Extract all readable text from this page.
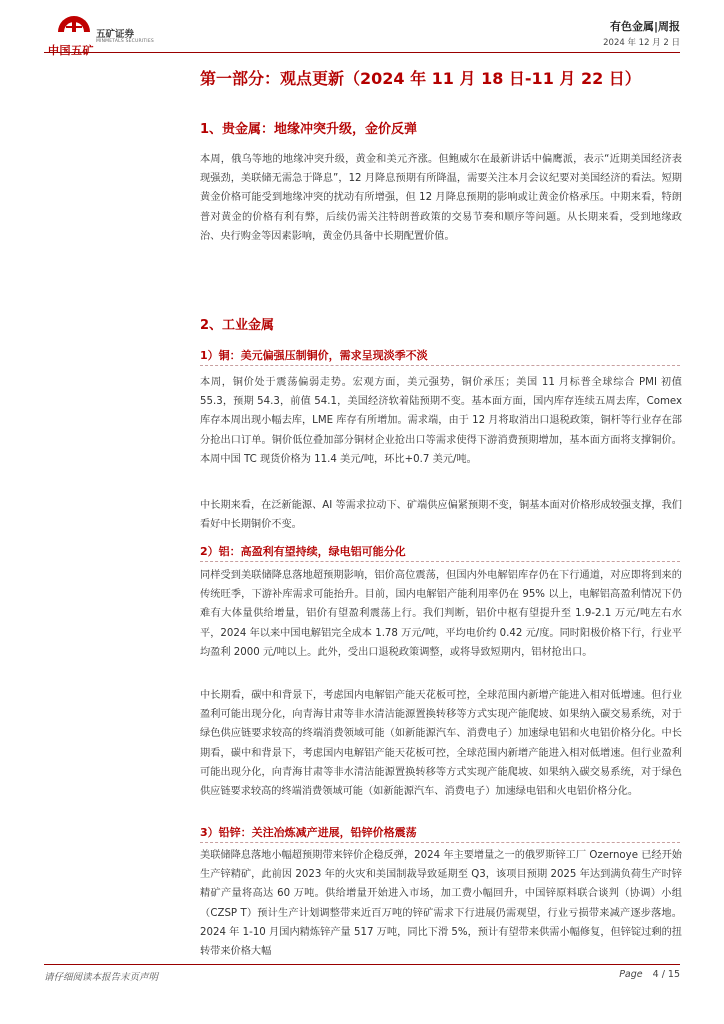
中国五矿
五矿证券
MINMETALS SECURITIES
有色金属|周报
2024 年 12 月 2 日
第一部分：观点更新（2024 年 11 月 18 日-11 月 22 日）
1、贵金属：地缘冲突升级，金价反弹

本周，俄乌等地的地缘冲突升级，黄金和美元齐涨。但鲍威尔在最新讲话中偏鹰派，表示“近期美国经济表现强劲，美联储无需急于降息”，12 月降息预期有所降温，需要关注本月会议纪要对美国经济的看法。短期黄金价格可能受到地缘冲突的扰动有所增强，但 12 月降息预期的影响或让黄金价格承压。中期来看，特朗普对黄金的价格有利有弊，后续仍需关注特朗普政策的交易节奏和顺序等问题。从长期来看，受到地缘政治、央行购金等因素影响，黄金仍具备中长期配置价值。

2、工业金属
1）铜：美元偏强压制铜价，需求呈现淡季不淡

本周，铜价处于震荡偏弱走势。宏观方面，美元强势，铜价承压；美国 11 月标普全球综合 PMI 初值 55.3，预期 54.3，前值 54.1，美国经济软着陆预期不变。基本面方面，国内库存连续五周去库，Comex 库存本周出现小幅去库，LME 库存有所增加。需求端，由于 12 月将取消出口退税政策，铜杆等行业存在部分抢出口订单。铜价低位叠加部分铜材企业抢出口等需求使得下游消费预期增加，基本面方面将支撑铜价。本周中国 TC 现货价格为 11.4 美元/吨，环比+0.7 美元/吨。

中长期来看，在泛新能源、AI 等需求拉动下、矿端供应偏紧预期不变，铜基本面对价格形成较强支撑，我们看好中长期铜价不变。

2）铝：高盈利有望持续，绿电铝可能分化

同样受到美联储降息落地超预期影响，铝价高位震荡，但国内外电解铝库存仍在下行通道，对应即将到来的传统旺季，下游补库需求可能抬升。目前，国内电解铝产能利用率仍在 95% 以上，电解铝高盈利情况下仍难有大体量供给增量，铝价有望盈利震荡上行。我们判断，铝价中枢有望提升至 1.9-2.1 万元/吨左右水平，2024 年以来中国电解铝完全成本 1.78 万元/吨，平均电价约 0.42 元/度。同时阳极价格下行，行业平均盈利 2000 元/吨以上。此外，受出口退税政策调整，或将导致短期内，铝材抢出口。

中长期看，碳中和背景下，考虑国内电解铝产能天花板可控，全球范围内新增产能进入相对低增速。但行业盈利可能出现分化，向青海甘肃等非水清洁能源置换转移等方式实现产能爬坡、如果纳入碳交易系统，对于绿色供应链要求较高的终端消费领域可能（如新能源汽车、消费电子）加速绿电铝和火电铝价格分化。中长期看，碳中和背景下，考虑国内电解铝产能天花板可控，全球范围内新增产能进入相对低增速。但行业盈利可能出现分化，向青海甘肃等非水清洁能源置换转移等方式实现产能爬坡、如果纳入碳交易系统，对于绿色供应链要求较高的终端消费领域可能（如新能源汽车、消费电子）加速绿电铝和火电铝价格分化。

3）铅锌：关注冶炼减产进展，铅锌价格震荡

美联储降息落地小幅超预期带来锌价企稳反弹，2024 年主要增量之一的俄罗斯锌工厂 Ozernoye 已经开始生产锌精矿，此前因 2023 年的火灾和美国制裁导致延期至 Q3，该项目预期 2025 年达到满负荷生产时锌精矿产量将高达 60 万吨。供给增量开始进入市场，加工费小幅回升，中国锌原料联合谈判（协调）小组（CZSP T）预计生产计划调整带来近百万吨的锌矿需求下行进展仍需观望，行业亏损带来减产逐步落地。2024 年 1-10 月国内精炼锌产量 517 万吨，同比下滑 5%，预计有望带来供需小幅修复，但锌锭过剩的扭转带来价格大幅

请仔细阅读本报告末页声明	Page 4 / 15
